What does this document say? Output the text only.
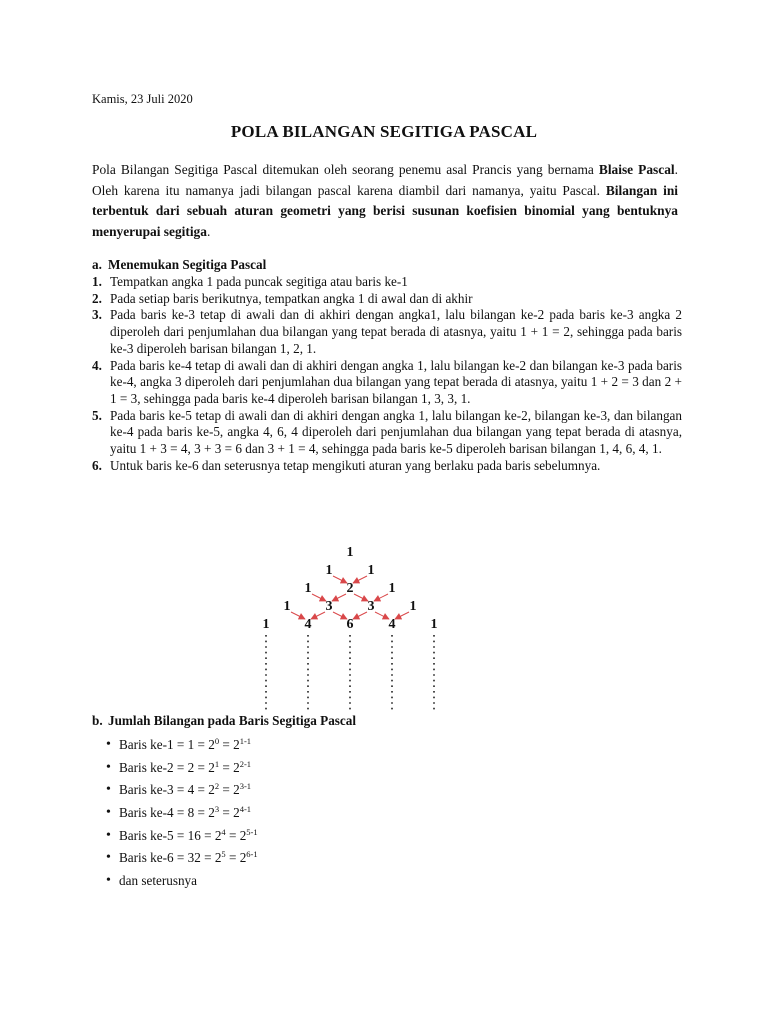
Kamis, 23 Juli 2020
POLA BILANGAN SEGITIGA PASCAL

Pola Bilangan Segitiga Pascal ditemukan oleh seorang penemu asal Prancis yang bernama Blaise Pascal. Oleh karena itu namanya jadi bilangan pascal karena diambil dari namanya, yaitu Pascal. Bilangan ini terbentuk dari sebuah aturan geometri yang berisi susunan koefisien binomial yang bentuknya menyerupai segitiga.

a. Menemukan Segitiga Pascal
1. Tempatkan angka 1 pada puncak segitiga atau baris ke-1
2. Pada setiap baris berikutnya, tempatkan angka 1 di awal dan di akhir
3. Pada baris ke-3 tetap di awali dan di akhiri dengan angka1, lalu bilangan ke-2 pada baris ke-3 angka 2 diperoleh dari penjumlahan dua bilangan yang tepat berada di atasnya, yaitu 1 + 1 = 2, sehingga pada baris ke-3 diperoleh barisan bilangan 1, 2, 1.
4. Pada baris ke-4 tetap di awali dan di akhiri dengan angka 1, lalu bilangan ke-2 dan bilangan ke-3 pada baris ke-4, angka 3 diperoleh dari penjumlahan dua bilangan yang tepat berada di atasnya, yaitu 1 + 2 = 3 dan 2 + 1 = 3, sehingga pada baris ke-4 diperoleh barisan bilangan 1, 3, 3, 1.
5. Pada baris ke-5 tetap di awali dan di akhiri dengan angka 1, lalu bilangan ke-2, bilangan ke-3, dan bilangan ke-4 pada baris ke-5, angka 4, 6, 4 diperoleh dari penjumlahan dua bilangan yang tepat berada di atasnya, yaitu 1 + 3 = 4, 3 + 3 = 6 dan 3 + 1 = 4, sehingga pada baris ke-5 diperoleh barisan bilangan 1, 4, 6, 4, 1.
6. Untuk baris ke-6 dan seterusnya tetap mengikuti aturan yang berlaku pada baris sebelumnya.
1
1	1
1	2	1
1	3	3	1
1	4	6	4	1
b. Jumlah Bilangan pada Baris Segitiga Pascal
• Baris $ke-1 = 1 = 2^0 = 2^{1-1}$
• Baris $ke-2 = 2 = 2^1 = 2^{2-1}$
• Baris $ke-3 = 4 = 2^2 = 2^{3-1}$
• Baris $ke-4 = 8 = 2^3 = 2^{4-1}$
• Baris $ke-5 = 16 = 2^4 = 2^{5-1}$
• Baris $ke-6 = 32 = 2^5 = 2^{6-1}$
• dan seterusnya
